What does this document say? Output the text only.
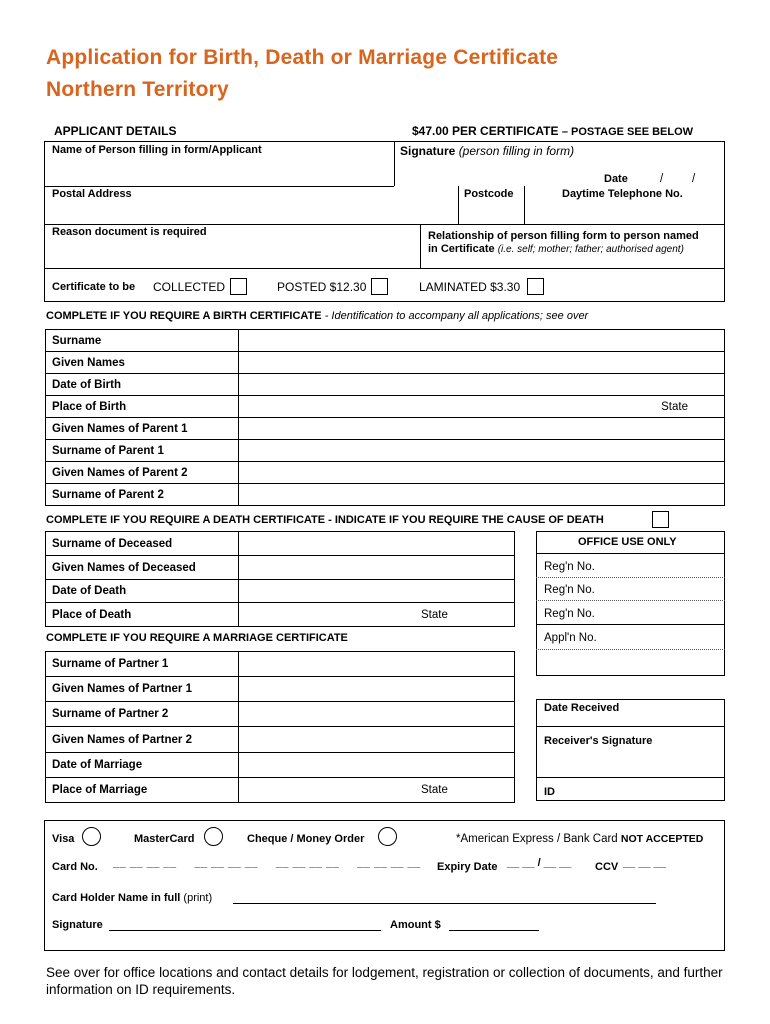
Application for Birth, Death or Marriage Certificate
Northern Territory
APPLICANT DETAILS	$47.00 PER CERTIFICATE – POSTAGE SEE BELOW
Name of Person filling in form/Applicant	Signature (person filling in form)
Date	/	/
Postal Address	Postcode	Daytime Telephone No.
Reason document is required	Relationship of person filling form to person named
in Certificate (i.e. self; mother; father; authorised agent)
Certificate to be COLLECTED	POSTED $12.30	LAMINATED $3.30
COMPLETE IF YOU REQUIRE A BIRTH CERTIFICATE - Identification to accompany all applications; see over
Surname	
Given Names	
Date of Birth	
Place of Birth	State

Given Names of Parent 1	
Surname of Parent 1	
Given Names of Parent 2	
Surname of Parent 2	
COMPLETE IF YOU REQUIRE A DEATH CERTIFICATE - INDICATE IF YOU REQUIRE THE CAUSE OF DEATH
Surname of Deceased	
Given Names of Deceased	
Date of Death	
Place of Death	State
OFFICE USE ONLY
Reg'n No.
Reg'n No.
Reg'n No.
Appl'n No.
COMPLETE IF YOU REQUIRE A MARRIAGE CERTIFICATE
Surname of Partner 1	
Given Names of Partner 1	
Surname of Partner 2	
Given Names of Partner 2	
Date of Marriage	
Place of Marriage	State
Date Received
Receiver's Signature
ID
Visa	MasterCard	Cheque / Money Order	*American Express / Bank Card NOT ACCEPTED
Card No. __ __ __ __     __ __ __ __     __ __ __ __     __ __ __ __ Expiry Date __ __ / __ __ CCV __ __ __
Card Holder Name in full (print)
Signature	Amount $
See over for office locations and contact details for lodgement, registration or collection of documents, and further information on ID requirements.
